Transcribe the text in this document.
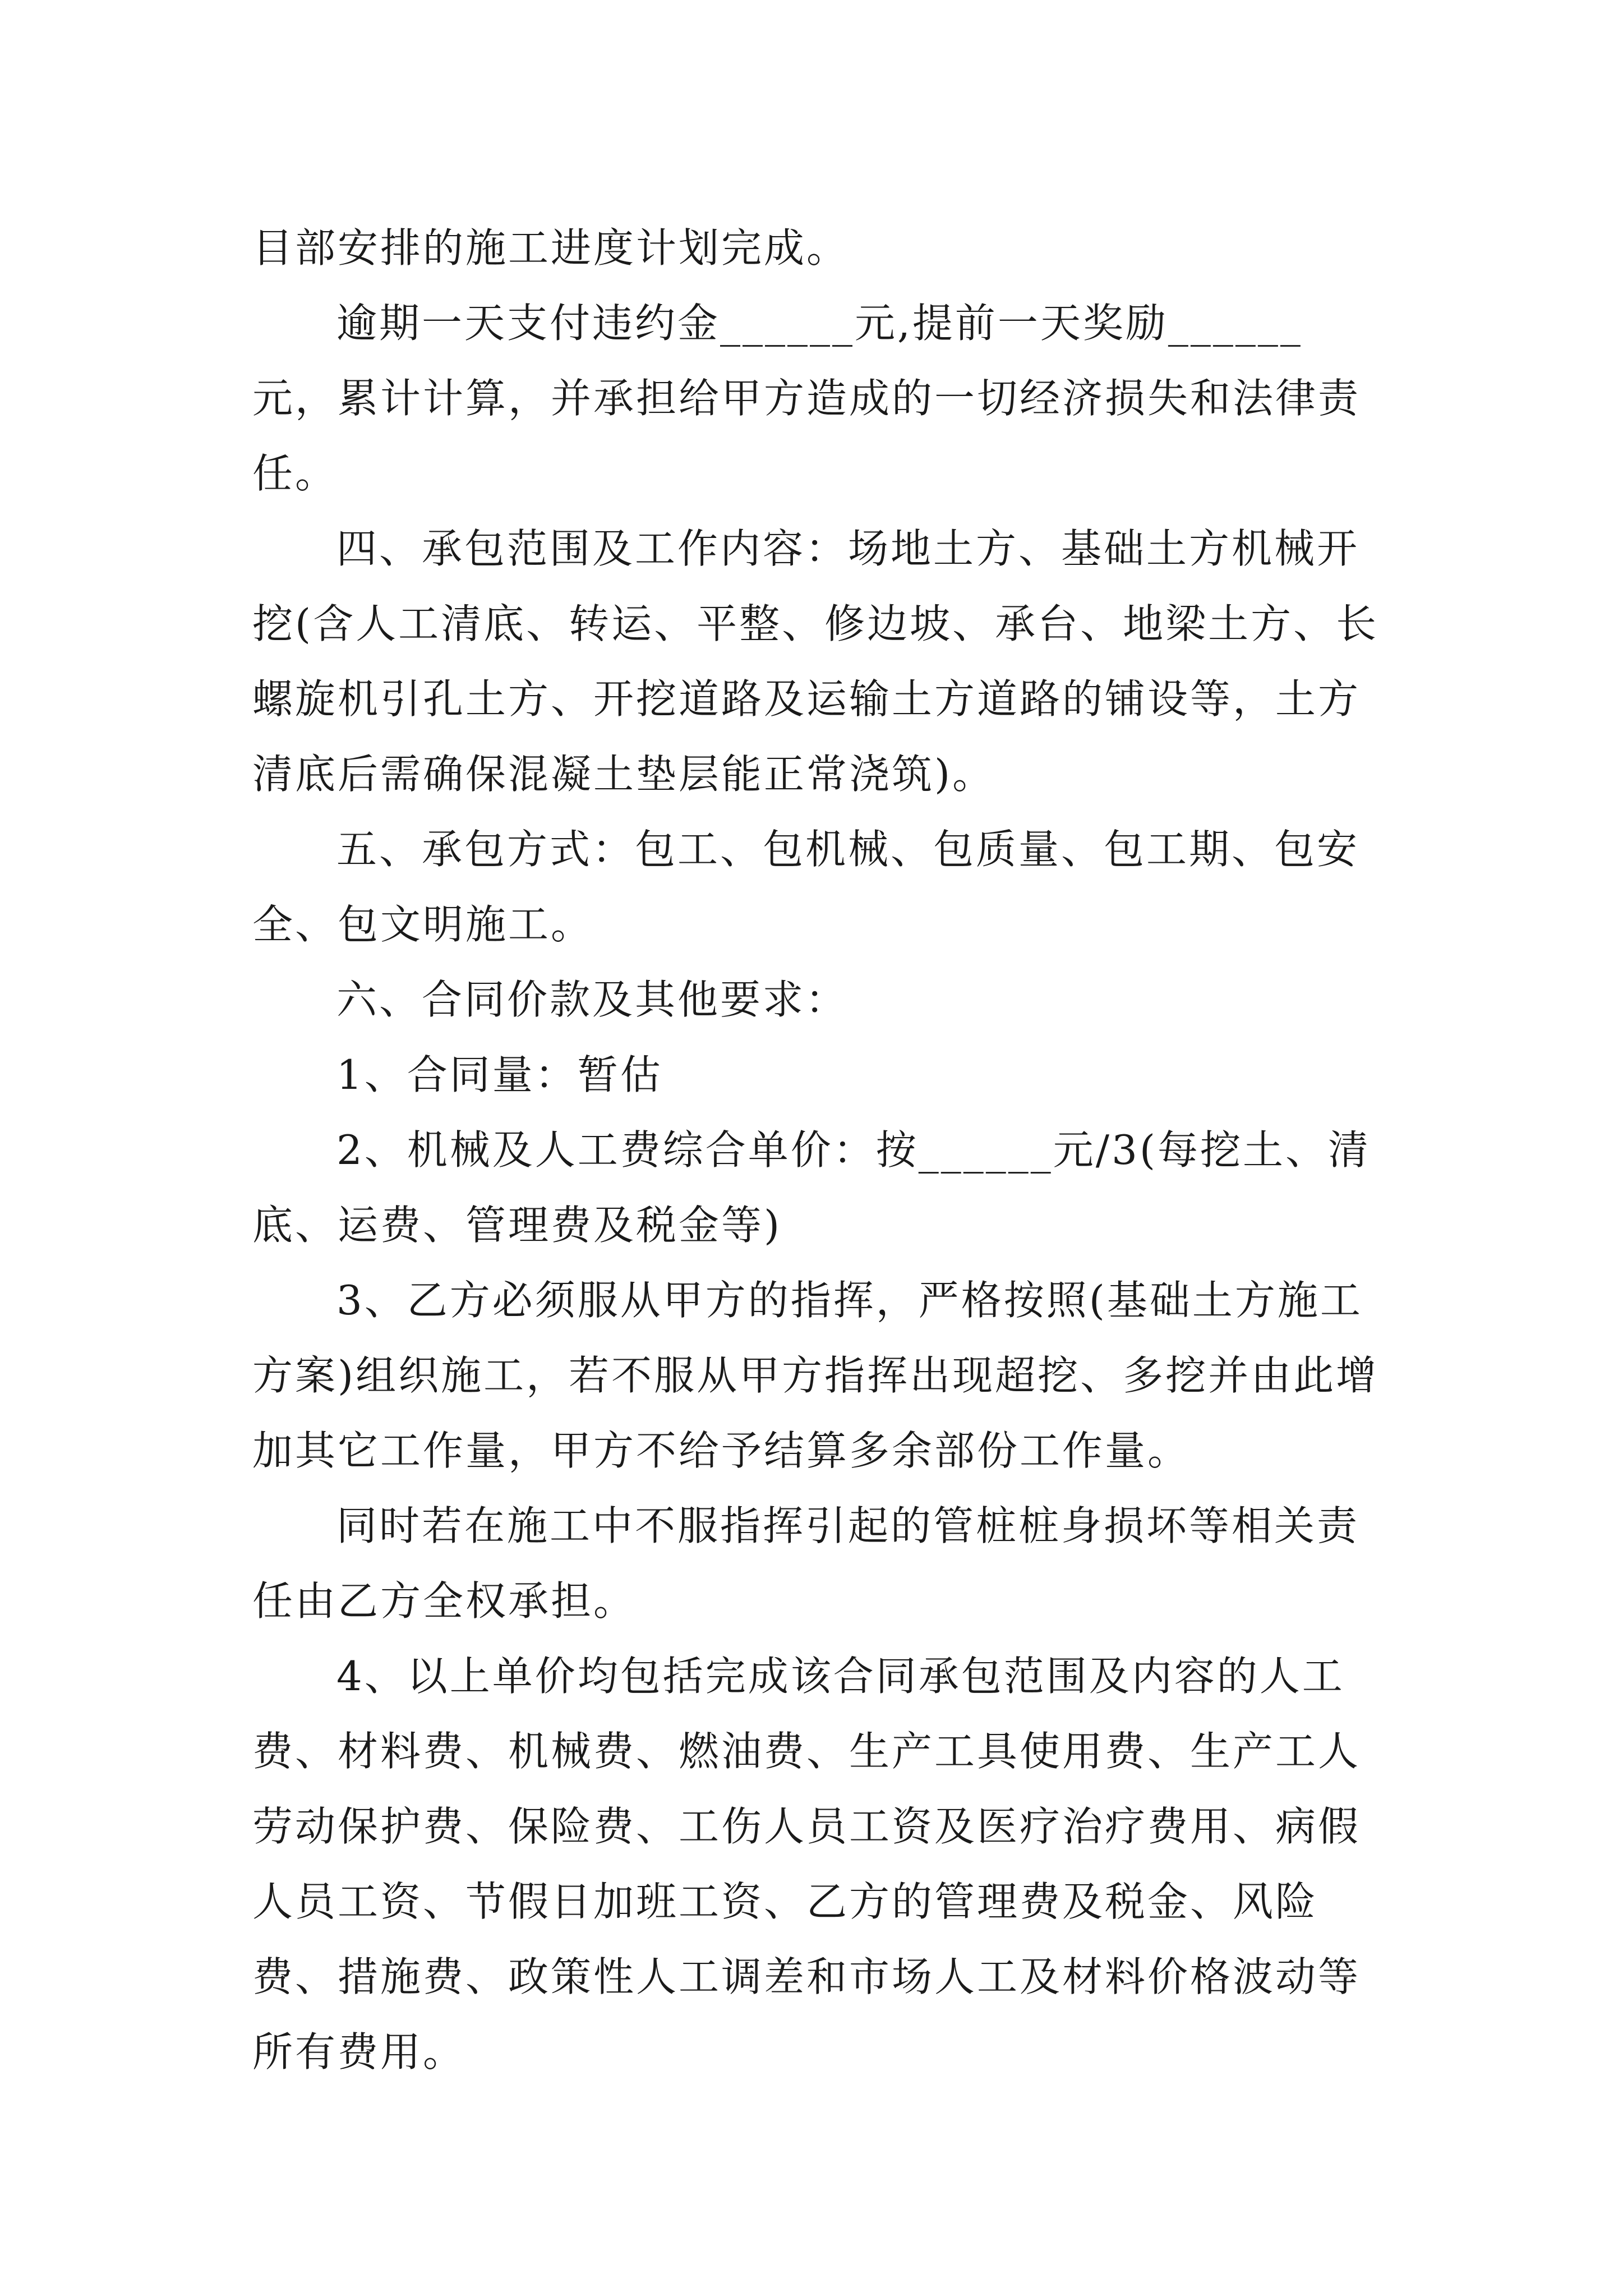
目部安排的施工进度计划完成。

逾期一天支付违约金______元,提前一天奖励______元，累计计算，并承担给甲方造成的一切经济损失和法律责任。

四、承包范围及工作内容：场地土方、基础土方机械开挖(含人工清底、转运、平整、修边坡、承台、地梁土方、长螺旋机引孔土方、开挖道路及运输土方道路的铺设等，土方清底后需确保混凝土垫层能正常浇筑)。

五、承包方式：包工、包机械、包质量、包工期、包安全、包文明施工。

六、合同价款及其他要求：

1、合同量：暂估

2、机械及人工费综合单价：按______元/3(每挖土、清底、运费、管理费及税金等)

3、乙方必须服从甲方的指挥，严格按照(基础土方施工方案)组织施工，若不服从甲方指挥出现超挖、多挖并由此增加其它工作量，甲方不给予结算多余部份工作量。

同时若在施工中不服指挥引起的管桩桩身损坏等相关责任由乙方全权承担。

4、以上单价均包括完成该合同承包范围及内容的人工费、材料费、机械费、燃油费、生产工具使用费、生产工人劳动保护费、保险费、工伤人员工资及医疗治疗费用、病假人员工资、节假日加班工资、乙方的管理费及税金、风险费、措施费、政策性人工调差和市场人工及材料价格波动等所有费用。
